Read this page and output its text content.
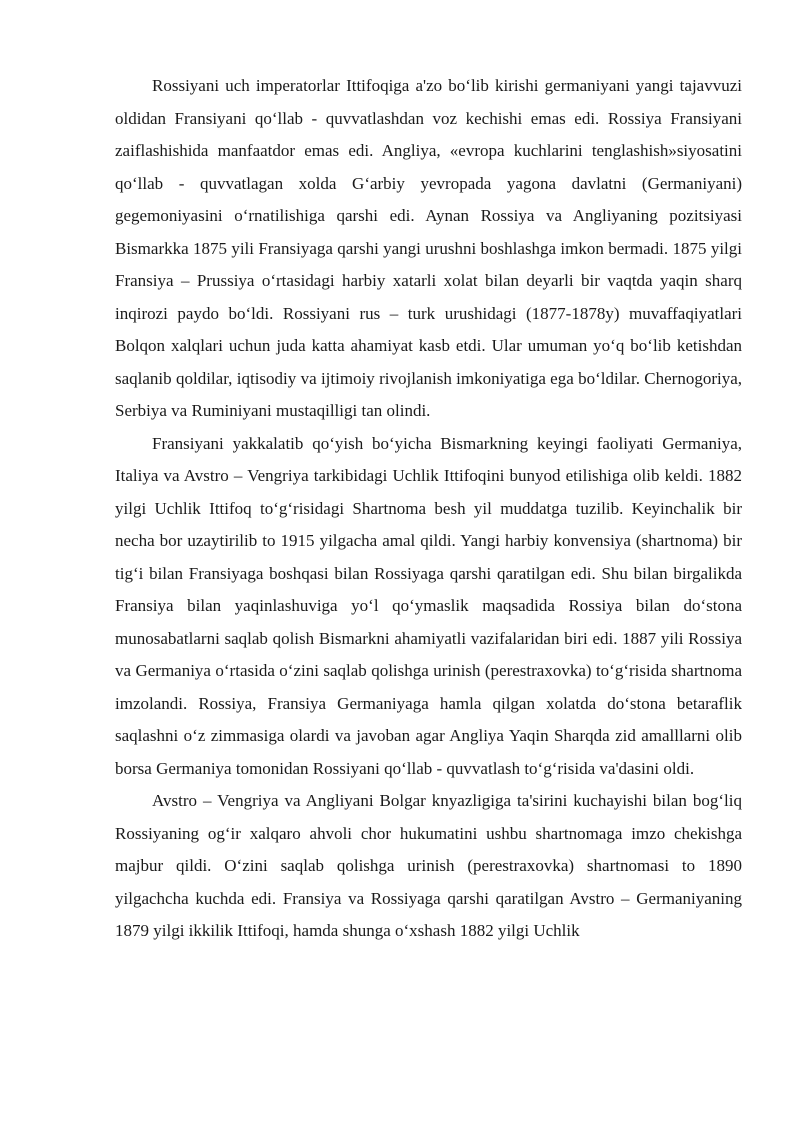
Rossiyani uch imperatorlar Ittifoqiga a'zo bo‘lib kirishi germaniyani yangi tajavvuzi oldidan Fransiyani qo‘llab - quvvatlashdan voz kechishi emas edi. Rossiya Fransiyani zaiflashishida manfaatdor emas edi. Angliya, «evropa kuchlarini tenglashish»siyosatini qo‘llab - quvvatlagan xolda G‘arbiy yevropada yagona davlatni (Germaniyani) gegemoniyasini o‘rnatilishiga qarshi edi. Aynan Rossiya va Angliyaning pozitsiyasi Bismarkka 1875 yili Fransiyaga qarshi yangi urushni boshlashga imkon bermadi. 1875 yilgi Fransiya – Prussiya o‘rtasidagi harbiy xatarli xolat bilan deyarli bir vaqtda yaqin sharq inqirozi paydo bo‘ldi. Rossiyani rus – turk urushidagi (1877-1878y) muvaffaqiyatlari Bolqon xalqlari uchun juda katta ahamiyat kasb etdi. Ular umuman yo‘q bo‘lib ketishdan saqlanib qoldilar, iqtisodiy va ijtimoiy rivojlanish imkoniyatiga ega bo‘ldilar. Chernogoriya, Serbiya va Ruminiyani mustaqilligi tan olindi.

Fransiyani yakkalatib qo‘yish bo‘yicha Bismarkning keyingi faoliyati Germaniya, Italiya va Avstro – Vengriya tarkibidagi Uchlik Ittifoqini bunyod etilishiga olib keldi. 1882 yilgi Uchlik Ittifoq to‘g‘risidagi Shartnoma besh yil muddatga tuzilib. Keyinchalik bir necha bor uzaytirilib to 1915 yilgacha amal qildi. Yangi harbiy konvensiya (shartnoma) bir tig‘i bilan Fransiyaga boshqasi bilan Rossiyaga qarshi qaratilgan edi. Shu bilan birgalikda Fransiya bilan yaqinlashuviga yo‘l qo‘ymaslik maqsadida Rossiya bilan do‘stona munosabatlarni saqlab qolish Bismarkni ahamiyatli vazifalaridan biri edi. 1887 yili Rossiya va Germaniya o‘rtasida o‘zini saqlab qolishga urinish (perestraxovka) to‘g‘risida shartnoma imzolandi. Rossiya, Fransiya Germaniyaga hamla qilgan xolatda do‘stona betaraflik saqlashni o‘z zimmasiga olardi va javoban agar Angliya Yaqin Sharqda zid amalllarni olib borsa Germaniya tomonidan Rossiyani qo‘llab - quvvatlash to‘g‘risida va'dasini oldi.

Avstro – Vengriya va Angliyani Bolgar knyazligiga ta'sirini kuchayishi bilan bog‘liq Rossiyaning og‘ir xalqaro ahvoli chor hukumatini ushbu shartnomaga imzo chekishga majbur qildi. O‘zini saqlab qolishga urinish (perestraxovka) shartnomasi to 1890 yilgachcha kuchda edi. Fransiya va Rossiyaga qarshi qaratilgan Avstro – Germaniyaning 1879 yilgi ikkilik Ittifoqi, hamda shunga o‘xshash 1882 yilgi Uchlik
